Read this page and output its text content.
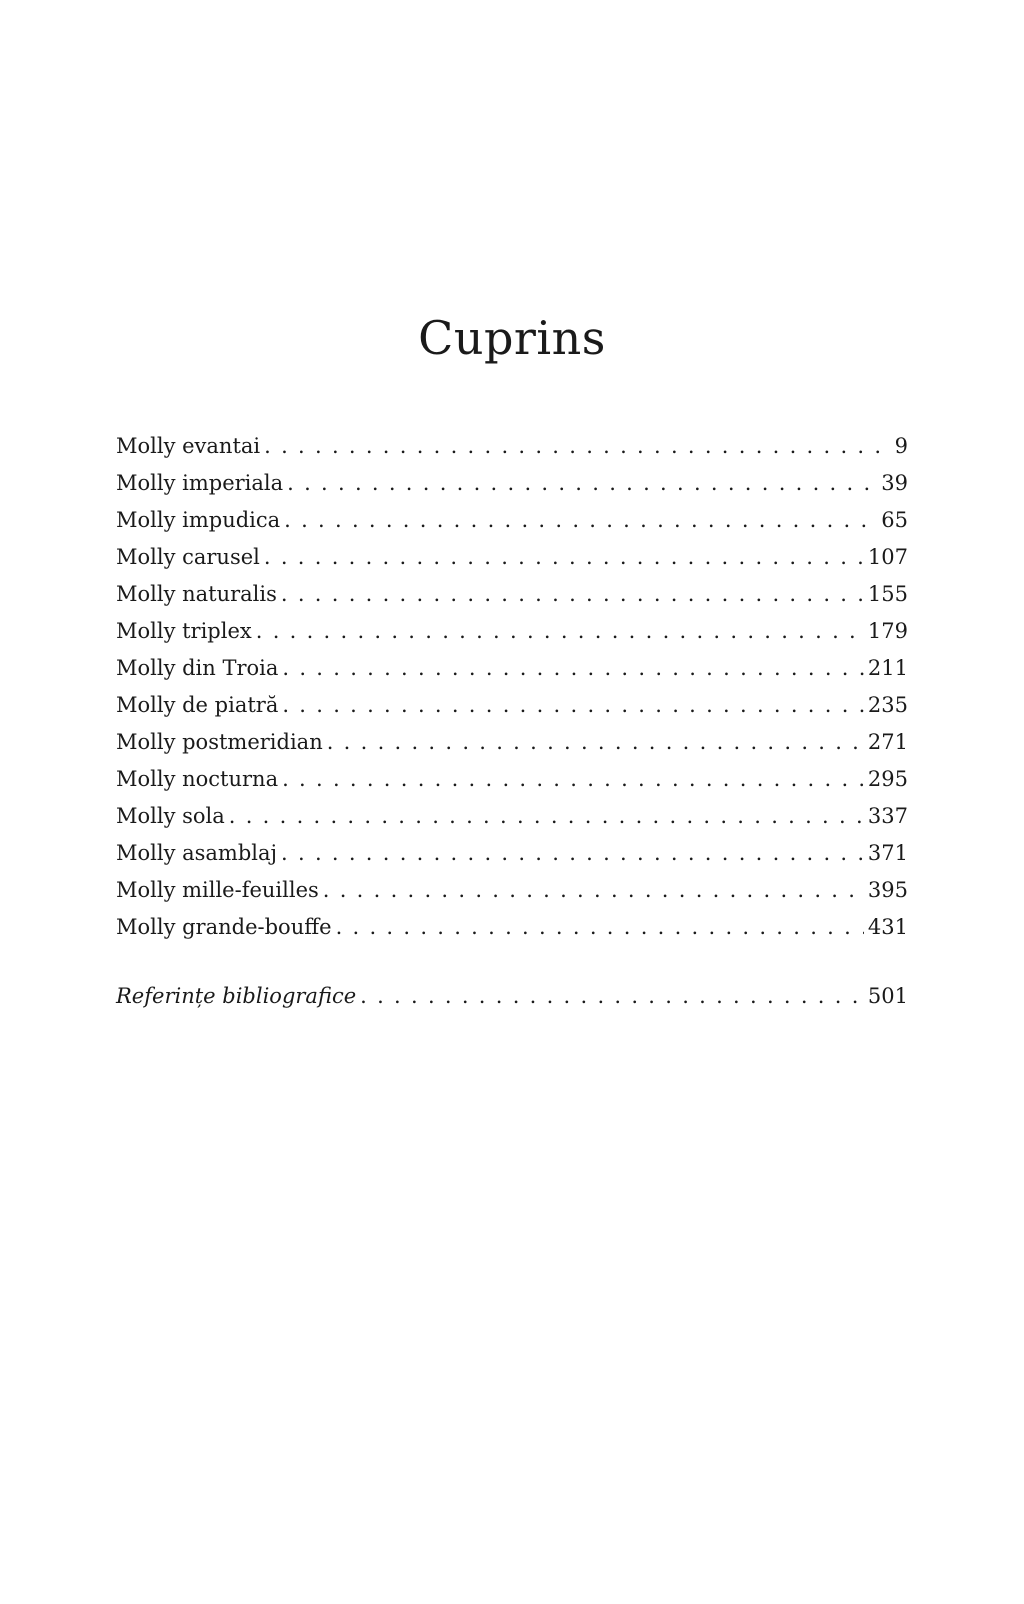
Cuprins
Molly evantai . . .	9
Molly imperiala . . .	39
Molly impudica . . .	65
Molly carusel . . .	107
Molly naturalis . . .	155
Molly triplex . . .	179
Molly din Troia . . .	211
Molly de piatră . . .	235
Molly postmeridian . . .	271
Molly nocturna . . .	295
Molly sola . . .	337
Molly asamblaj . . .	371
Molly mille-feuilles . . .	395
Molly grande-bouffe . . .	431
Referințe bibliografice . . .	501
